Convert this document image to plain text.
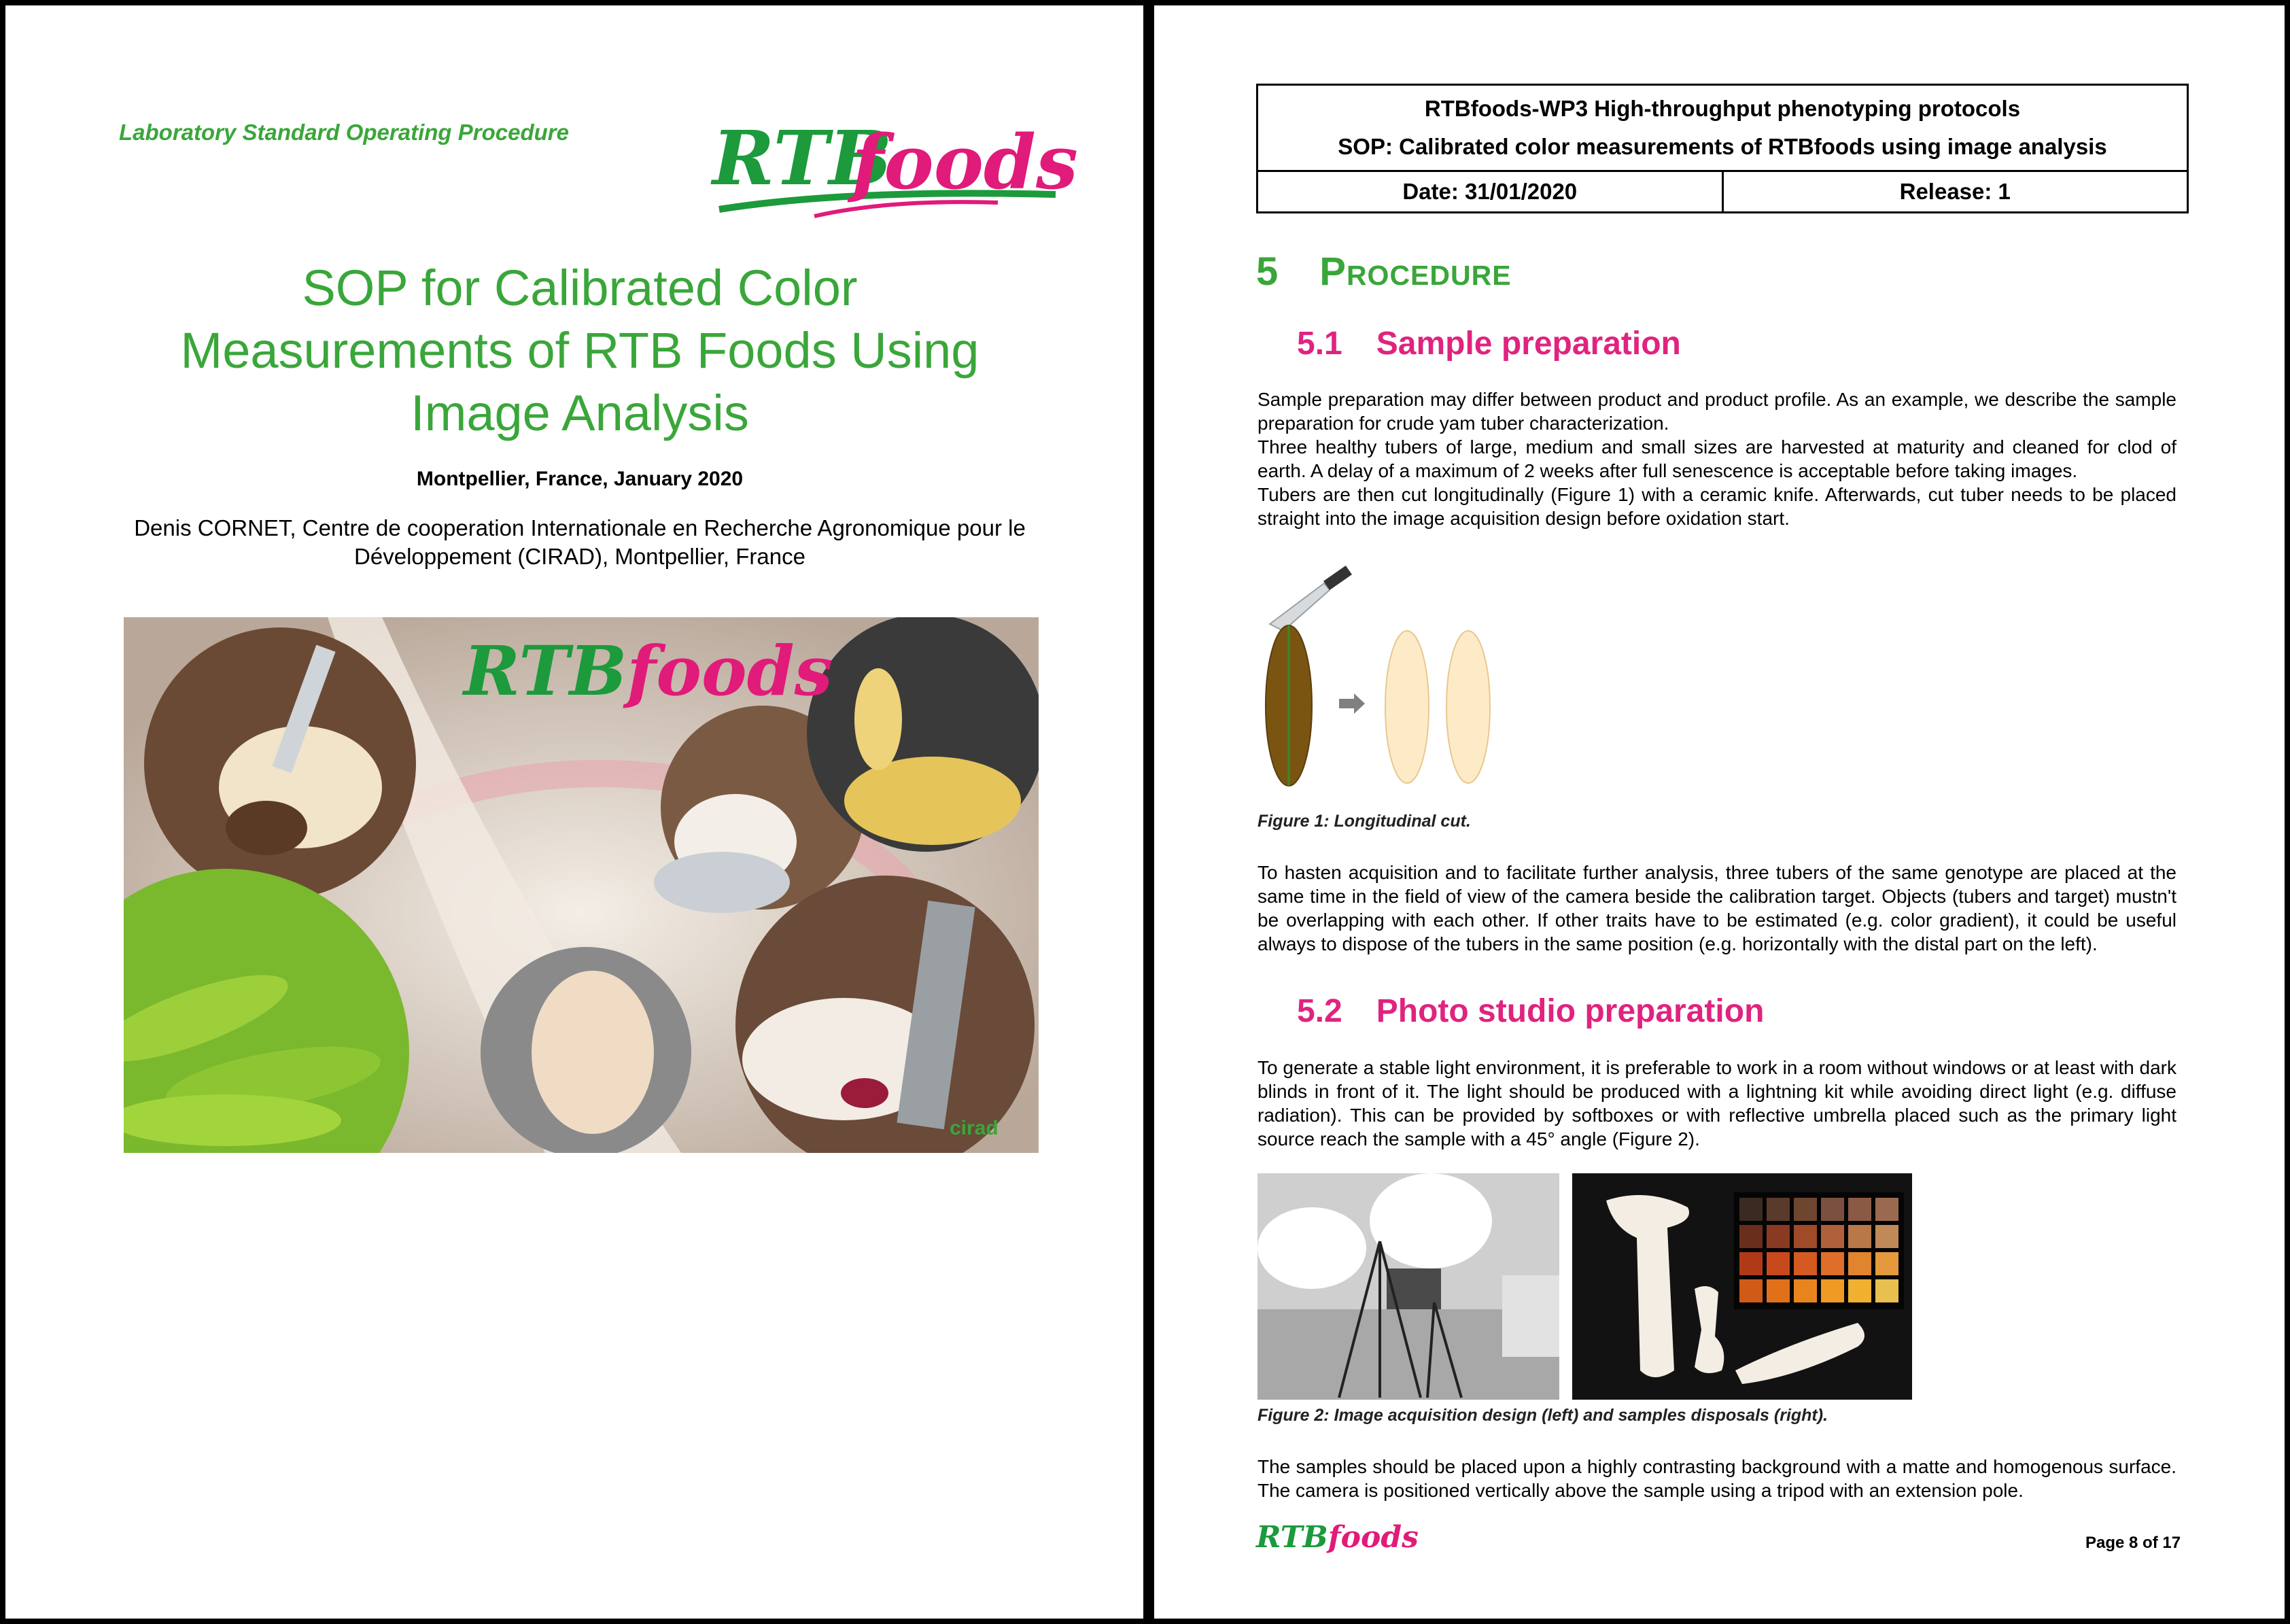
Laboratory Standard Operating Procedure RTB
foods
SOP for Calibrated Color
Measurements of RTB Foods Using
Image Analysis
Montpellier, France, January 2020
Denis CORNET, Centre de cooperation Internationale en Recherche Agronomique pour le
Développement (CIRAD), Montpellier, France
RTBfoods
cirad
RTBfoods-WP3 High-throughput phenotyping protocols
SOP: Calibrated color measurements of RTBfoods using image analysis

Date: 31/01/2020	Release: 1
5 Procedure
5.1 Sample preparation
Sample preparation may differ between product and product profile. As an example, we describe the sample preparation for crude yam tuber characterization.
Three healthy tubers of large, medium and small sizes are harvested at maturity and cleaned for clod of earth. A delay of a maximum of 2 weeks after full senescence is acceptable before taking images.
Tubers are then cut longitudinally (Figure 1) with a ceramic knife. Afterwards, cut tuber needs to be placed straight into the image acquisition design before oxidation start.
Figure 1: Longitudinal cut.
To hasten acquisition and to facilitate further analysis, three tubers of the same genotype are placed at the same time in the field of view of the camera beside the calibration target. Objects (tubers and target) mustn't be overlapping with each other. If other traits have to be estimated (e.g. color gradient), it could be useful always to dispose of the tubers in the same position (e.g. horizontally with the distal part on the left).
5.2 Photo studio preparation
To generate a stable light environment, it is preferable to work in a room without windows or at least with dark blinds in front of it. The light should be produced with a lightning kit while avoiding direct light (e.g. diffuse radiation). This can be provided by softboxes or with reflective umbrella placed such as the primary light source reach the sample with a 45° angle (Figure 2).
Figure 2: Image acquisition design (left) and samples disposals (right).
The samples should be placed upon a highly contrasting background with a matte and homogenous surface. The camera is positioned vertically above the sample using a tripod with an extension pole.
RTBfoods	Page 8 of 17
